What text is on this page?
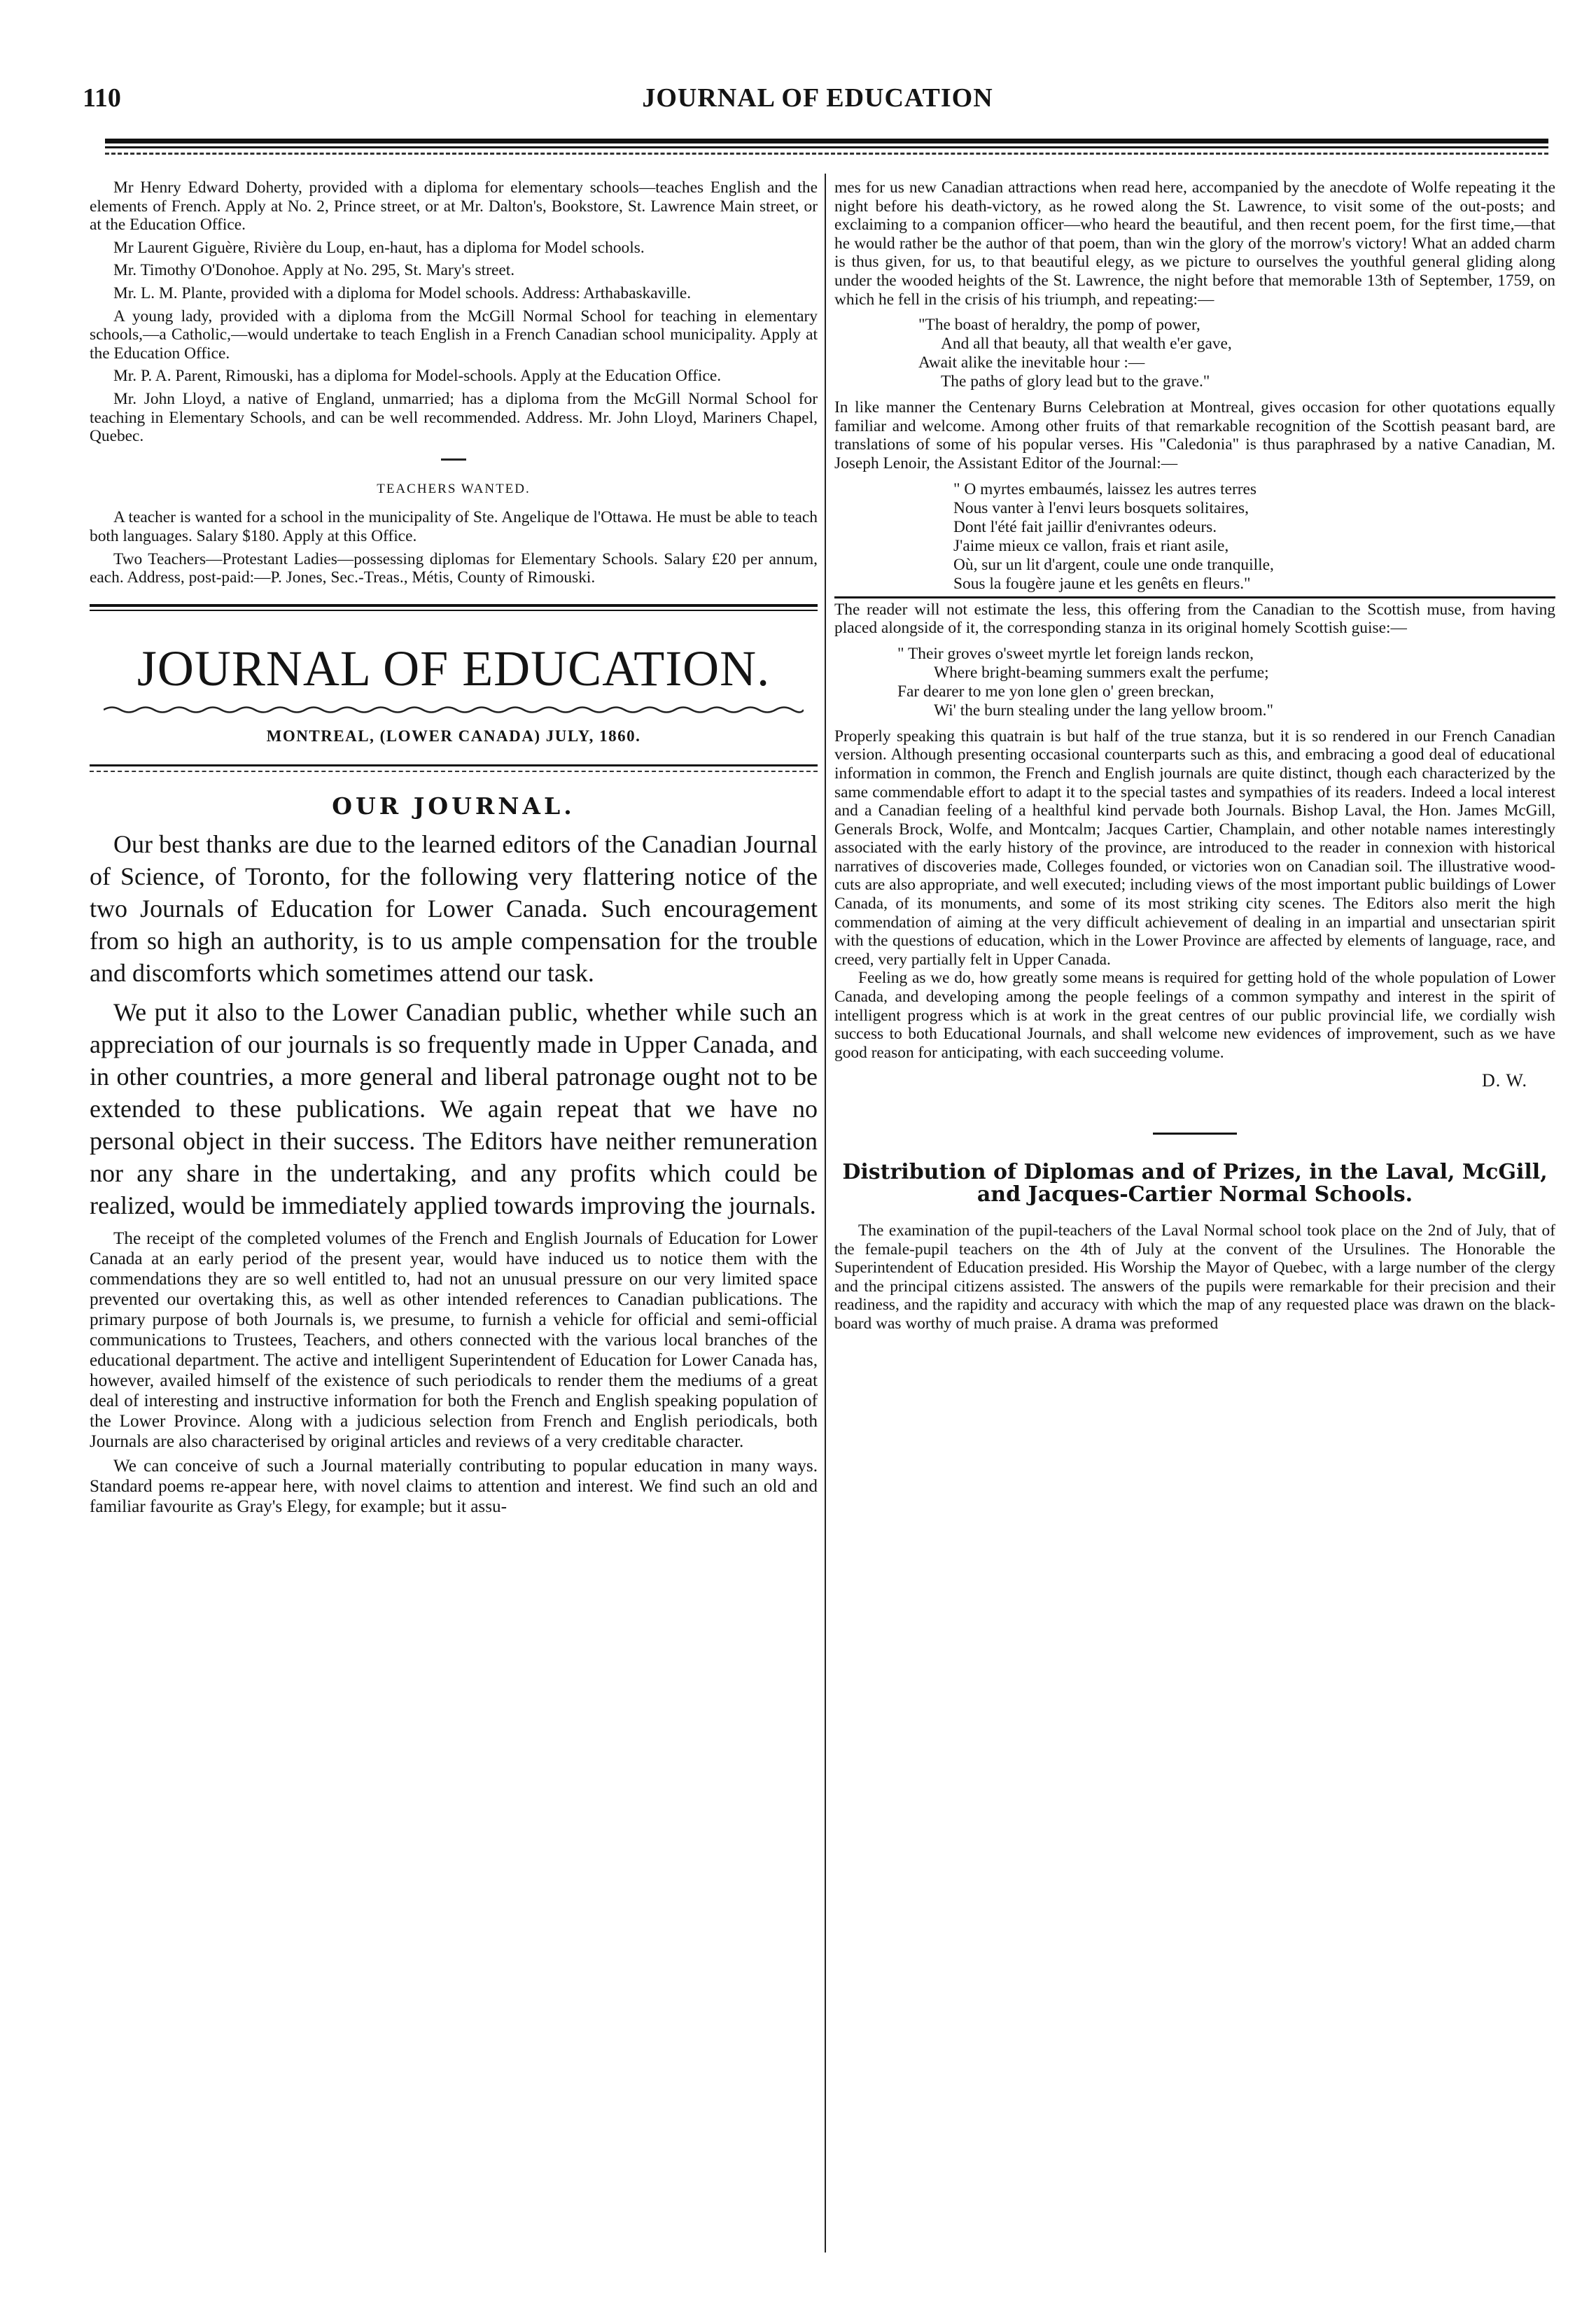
110	JOURNAL OF EDUCATION

Mr Henry Edward Doherty, provided with a diploma for elementary schools—teaches English and the elements of French. Apply at No. 2, Prince street, or at Mr. Dalton's, Bookstore, St. Lawrence Main street, or at the Education Office.

Mr Laurent Giguère, Rivière du Loup, en-haut, has a diploma for Model schools.

Mr. Timothy O'Donohoe. Apply at No. 295, St. Mary's street.

Mr. L. M. Plante, provided with a diploma for Model schools. Address: Arthabaskaville.

A young lady, provided with a diploma from the McGill Normal School for teaching in elementary schools,—a Catholic,—would undertake to teach English in a French Canadian school municipality. Apply at the Education Office.

Mr. P. A. Parent, Rimouski, has a diploma for Model-schools. Apply at the Education Office.

Mr. John Lloyd, a native of England, unmarried; has a diploma from the McGill Normal School for teaching in Elementary Schools, and can be well recommended. Address. Mr. John Lloyd, Mariners Chapel, Quebec.

TEACHERS WANTED.

A teacher is wanted for a school in the municipality of Ste. Angelique de l'Ottawa. He must be able to teach both languages. Salary $180. Apply at this Office.

Two Teachers—Protestant Ladies—possessing diplomas for Elementary Schools. Salary £20 per annum, each. Address, post-paid:—P. Jones, Sec.-Treas., Métis, County of Rimouski.

JOURNAL OF EDUCATION.
MONTREAL, (LOWER CANADA) JULY, 1860.
OUR JOURNAL.

Our best thanks are due to the learned editors of the Canadian Journal of Science, of Toronto, for the following very flattering notice of the two Journals of Education for Lower Canada. Such encouragement from so high an authority, is to us ample compensation for the trouble and discomforts which sometimes attend our task.

We put it also to the Lower Canadian public, whether while such an appreciation of our journals is so frequently made in Upper Canada, and in other countries, a more general and liberal patronage ought not to be extended to these publications. We again repeat that we have no personal object in their success. The Editors have neither remuneration nor any share in the undertaking, and any profits which could be realized, would be immediately applied towards improving the journals.

The receipt of the completed volumes of the French and English Journals of Education for Lower Canada at an early period of the present year, would have induced us to notice them with the commendations they are so well entitled to, had not an unusual pressure on our very limited space prevented our overtaking this, as well as other intended references to Canadian publications. The primary purpose of both Journals is, we presume, to furnish a vehicle for official and semi-official communications to Trustees, Teachers, and others connected with the various local branches of the educational department. The active and intelligent Superintendent of Education for Lower Canada has, however, availed himself of the existence of such periodicals to render them the mediums of a great deal of interesting and instructive information for both the French and English speaking population of the Lower Province. Along with a judicious selection from French and English periodicals, both Journals are also characterised by original articles and reviews of a very creditable character.

We can conceive of such a Journal materially contributing to popular education in many ways. Standard poems re-appear here, with novel claims to attention and interest. We find such an old and familiar favourite as Gray's Elegy, for example; but it assu-

mes for us new Canadian attractions when read here, accompanied by the anecdote of Wolfe repeating it the night before his death-victory, as he rowed along the St. Lawrence, to visit some of the out-posts; and exclaiming to a companion officer—who heard the beautiful, and then recent poem, for the first time,—that he would rather be the author of that poem, than win the glory of the morrow's victory! What an added charm is thus given, for us, to that beautiful elegy, as we picture to ourselves the youthful general gliding along under the wooded heights of the St. Lawrence, the night before that memorable 13th of September, 1759, on which he fell in the crisis of his triumph, and repeating:—

"The boast of heraldry, the pomp of power,
And all that beauty, all that wealth e'er gave,
Await alike the inevitable hour :—
The paths of glory lead but to the grave."

In like manner the Centenary Burns Celebration at Montreal, gives occasion for other quotations equally familiar and welcome. Among other fruits of that remarkable recognition of the Scottish peasant bard, are translations of some of his popular verses. His "Caledonia" is thus paraphrased by a native Canadian, M. Joseph Lenoir, the Assistant Editor of the Journal:—

" O myrtes embaumés, laissez les autres terres
Nous vanter à l'envi leurs bosquets solitaires,
Dont l'été fait jaillir d'enivrantes odeurs.
J'aime mieux ce vallon, frais et riant asile,
Où, sur un lit d'argent, coule une onde tranquille,
Sous la fougère jaune et les genêts en fleurs."

The reader will not estimate the less, this offering from the Canadian to the Scottish muse, from having placed alongside of it, the corresponding stanza in its original homely Scottish guise:—

" Their groves o'sweet myrtle let foreign lands reckon,
Where bright-beaming summers exalt the perfume;
Far dearer to me yon lone glen o' green breckan,
Wi' the burn stealing under the lang yellow broom."

Properly speaking this quatrain is but half of the true stanza, but it is so rendered in our French Canadian version. Although presenting occasional counterparts such as this, and embracing a good deal of educational information in common, the French and English journals are quite distinct, though each characterized by the same commendable effort to adapt it to the special tastes and sympathies of its readers. Indeed a local interest and a Canadian feeling of a healthful kind pervade both Journals. Bishop Laval, the Hon. James McGill, Generals Brock, Wolfe, and Montcalm; Jacques Cartier, Champlain, and other notable names interestingly associated with the early history of the province, are introduced to the reader in connexion with historical narratives of discoveries made, Colleges founded, or victories won on Canadian soil. The illustrative wood-cuts are also appropriate, and well executed; including views of the most important public buildings of Lower Canada, of its monuments, and some of its most striking city scenes. The Editors also merit the high commendation of aiming at the very difficult achievement of dealing in an impartial and unsectarian spirit with the questions of education, which in the Lower Province are affected by elements of language, race, and creed, very partially felt in Upper Canada.

Feeling as we do, how greatly some means is required for getting hold of the whole population of Lower Canada, and developing among the people feelings of a common sympathy and interest in the spirit of intelligent progress which is at work in the great centres of our public provincial life, we cordially wish success to both Educational Journals, and shall welcome new evidences of improvement, such as we have good reason for anticipating, with each succeeding volume.

D. W.
Distribution of Diplomas and of Prizes, in the Laval, McGill, and Jacques-Cartier Normal Schools.

The examination of the pupil-teachers of the Laval Normal school took place on the 2nd of July, that of the female-pupil teachers on the 4th of July at the convent of the Ursulines. The Honorable the Superintendent of Education presided. His Worship the Mayor of Quebec, with a large number of the clergy and the principal citizens assisted. The answers of the pupils were remarkable for their precision and their readiness, and the rapidity and accuracy with which the map of any requested place was drawn on the black-board was worthy of much praise. A drama was preformed
